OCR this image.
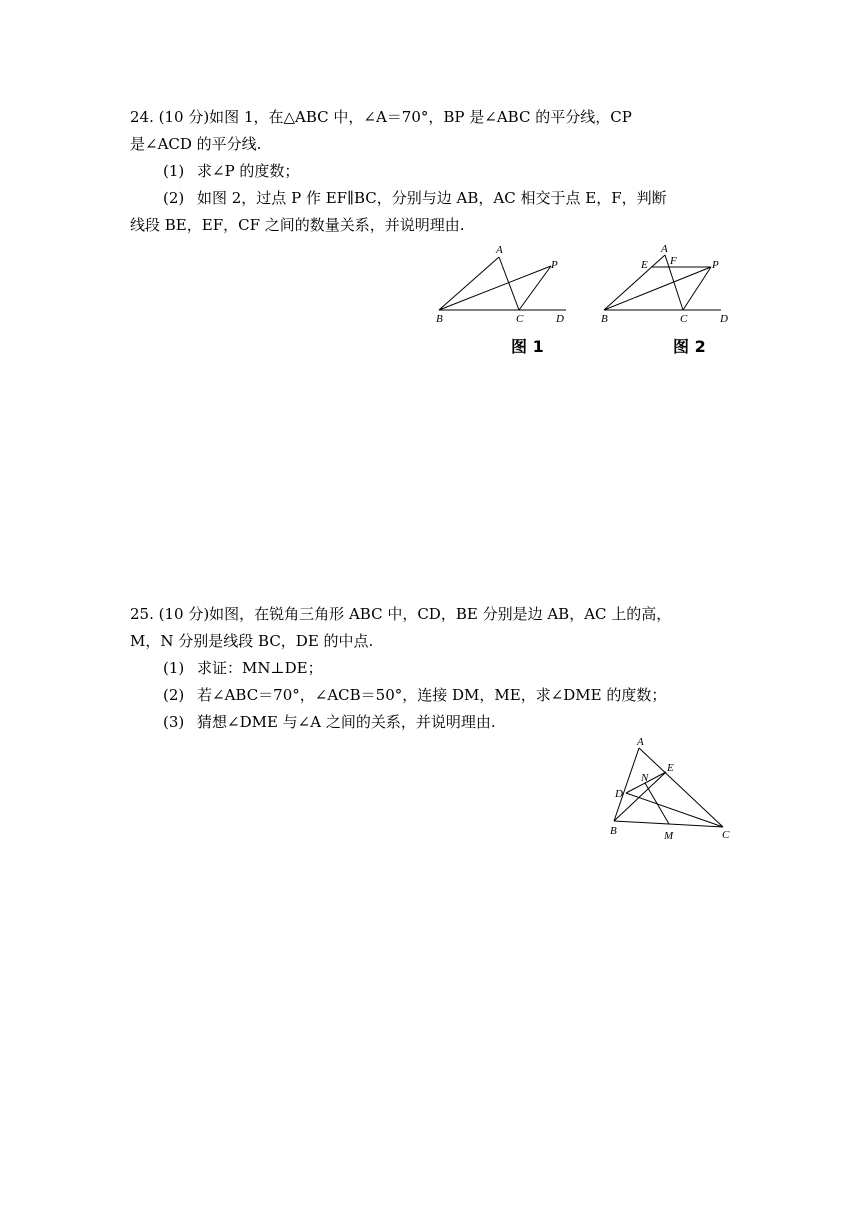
24. (10 分)如图 1，在△ABC 中，∠A＝70°，BP 是∠ABC 的平分线，CP
是∠ACD 的平分线.
(1) 求∠P 的度数；
(2) 如图 2，过点 P 作 EF∥BC，分别与边 AB，AC 相交于点 E，F，判断
线段 BE，EF，CF 之间的数量关系，并说明理由.
A
B	C	D
P
图 1
A
E F	P
B	C	D
图 2
25. (10 分)如图，在锐角三角形 ABC 中，CD，BE 分别是边 AB，AC 上的高，
M，N 分别是线段 BC，DE 的中点.
(1) 求证：MN⊥DE；
(2) 若∠ABC＝70°，∠ACB＝50°，连接 DM，ME，求∠DME 的度数；
(3) 猜想∠DME 与∠A 之间的关系，并说明理由.
A
E
N
D
B	M	C
